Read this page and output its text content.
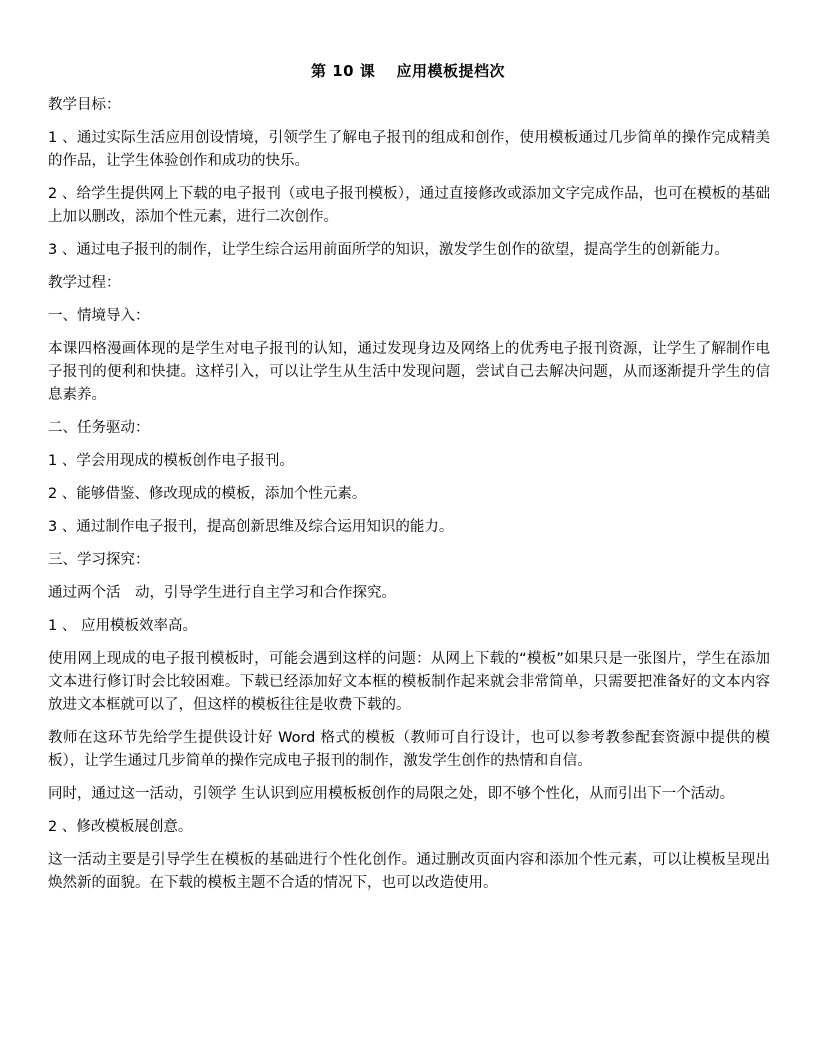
第 10 课　 应用模板提档次

教学目标：

1 、通过实际生活应用创设情境，引领学生了解电子报刊的组成和创作，使用模板通过几步简单的操作完成精美的作品，让学生体验创作和成功的快乐。

2 、给学生提供网上下载的电子报刊（或电子报刊模板），通过直接修改或添加文字完成作品，也可在模板的基础上加以删改，添加个性元素，进行二次创作。

3 、通过电子报刊的制作，让学生综合运用前面所学的知识，激发学生创作的欲望，提高学生的创新能力。

教学过程：

一、情境导入：

本课四格漫画体现的是学生对电子报刊的认知，通过发现身边及网络上的优秀电子报刊资源，让学生了解制作电子报刊的便利和快捷。这样引入，可以让学生从生活中发现问题，尝试自己去解决问题，从而逐渐提升学生的信息素养。

二、任务驱动：

1 、学会用现成的模板创作电子报刊。

2 、能够借鉴、修改现成的模板，添加个性元素。

3 、通过制作电子报刊，提高创新思维及综合运用知识的能力。

三、学习探究：

通过两个活　动，引导学生进行自主学习和合作探究。

1 、 应用模板效率高。

使用网上现成的电子报刊模板时，可能会遇到这样的问题：从网上下载的“模板”如果只是一张图片，学生在添加文本进行修订时会比较困难。下载已经添加好文本框的模板制作起来就会非常简单，只需要把准备好的文本内容放进文本框就可以了，但这样的模板往往是收费下载的。

教师在这环节先给学生提供设计好 Word 格式的模板（教师可自行设计，也可以参考教参配套资源中提供的模板），让学生通过几步简单的操作完成电子报刊的制作，激发学生创作的热情和自信。

同时，通过这一活动，引领学 生认识到应用模板板创作的局限之处，即不够个性化，从而引出下一个活动。

2 、修改模板展创意。

这一活动主要是引导学生在模板的基础进行个性化创作。通过删改页面内容和添加个性元素，可以让模板呈现出焕然新的面貌。在下载的模板主题不合适的情况下，也可以改造使用。
